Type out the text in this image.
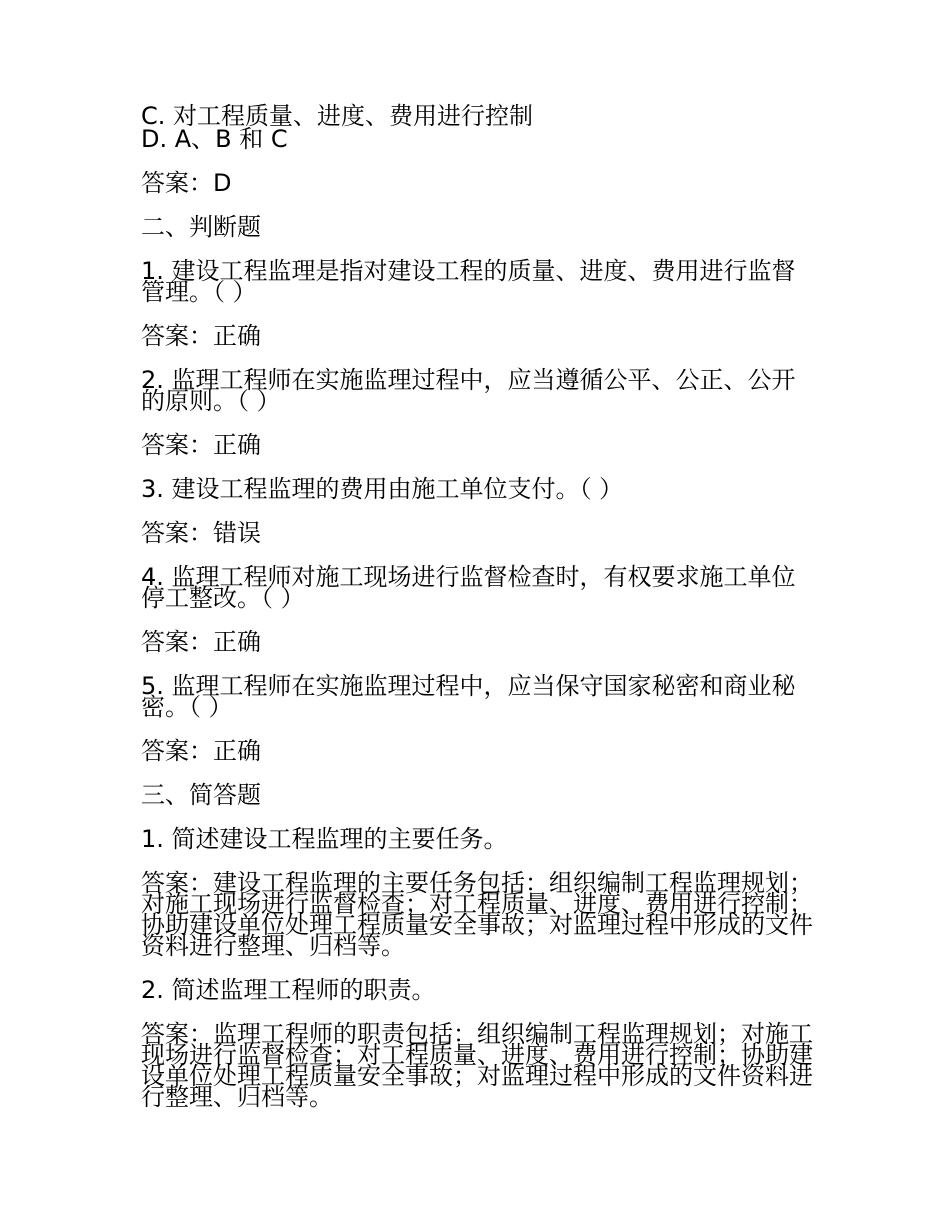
C. 对工程质量、进度、费用进行控制

D. A、B 和 C

答案：D

二、判断题

1. 建设工程监理是指对建设工程的质量、进度、费用进行监督管理。（ ）

答案：正确

2. 监理工程师在实施监理过程中，应当遵循公平、公正、公开的原则。（ ）

答案：正确

3. 建设工程监理的费用由施工单位支付。（ ）

答案：错误

4. 监理工程师对施工现场进行监督检查时，有权要求施工单位停工整改。（ ）

答案：正确

5. 监理工程师在实施监理过程中，应当保守国家秘密和商业秘密。（ ）

答案：正确

三、简答题

1. 简述建设工程监理的主要任务。

答案：建设工程监理的主要任务包括：组织编制工程监理规划；对施工现场进行监督检查；对工程质量、进度、费用进行控制；协助建设单位处理工程质量安全事故；对监理过程中形成的文件资料进行整理、归档等。

2. 简述监理工程师的职责。

答案：监理工程师的职责包括：组织编制工程监理规划；对施工现场进行监督检查；对工程质量、进度、费用进行控制；协助建设单位处理工程质量安全事故；对监理过程中形成的文件资料进行整理、归档等。
